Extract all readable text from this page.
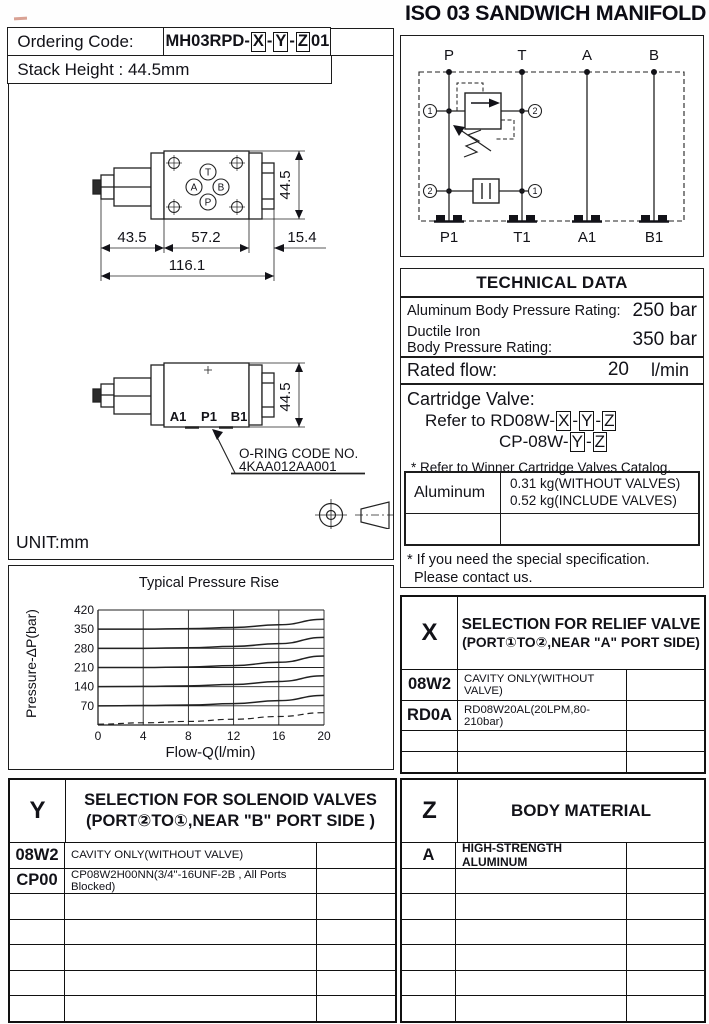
ISO 03 SANDWICH MANIFOLD
Ordering Code:	MH03RPD- X - Y - Z 01
Stack Height : 44.5mm
T
A B
P
43.5	57.2	15.4
116.1
44.5
A1 P1 B1
44.5
O-RING CODE NO.
4KAA012AA001
UNIT:mm
1	2
2	1
P	T	A	B
P1	T1	A1	B1
TECHNICAL DATA
Aluminum Body Pressure Rating: 250 bar
Ductile Iron
Body Pressure Rating:	350 bar
Rated flow:	20 l/min
Cartridge Valve:
Refer to RD08W- X - Y - Z
CP-08W- Y - Z
* Refer to Winner Cartridge Valves Catalog.
Aluminum
0.31 kg(WITHOUT VALVES)
0.52 kg(INCLUDE VALVES)
* If you need the special specification.
Please contact us.
Typical Pressure Rise
Pressure-ΔP(bar)
Flow-Q(l/min)
0	4	8	12	16	20
70
140
210
280
350
420
X	SELECTION FOR RELIEF VALVE
(PORT①TO②,NEAR "A" PORT SIDE)
08W2	CAVITY ONLY(WITHOUT VALVE)
RD0A	RD08W20AL(20LPM,80-210bar)
Y	SELECTION FOR SOLENOID VALVES
(PORT②TO①,NEAR "B" PORT SIDE )
08W2	CAVITY ONLY(WITHOUT VALVE)
CP00	CP08W2H00NN(3/4"-16UNF-2B , All Ports Blocked)
Z	BODY MATERIAL
A	HIGH-STRENGTH ALUMINUM
